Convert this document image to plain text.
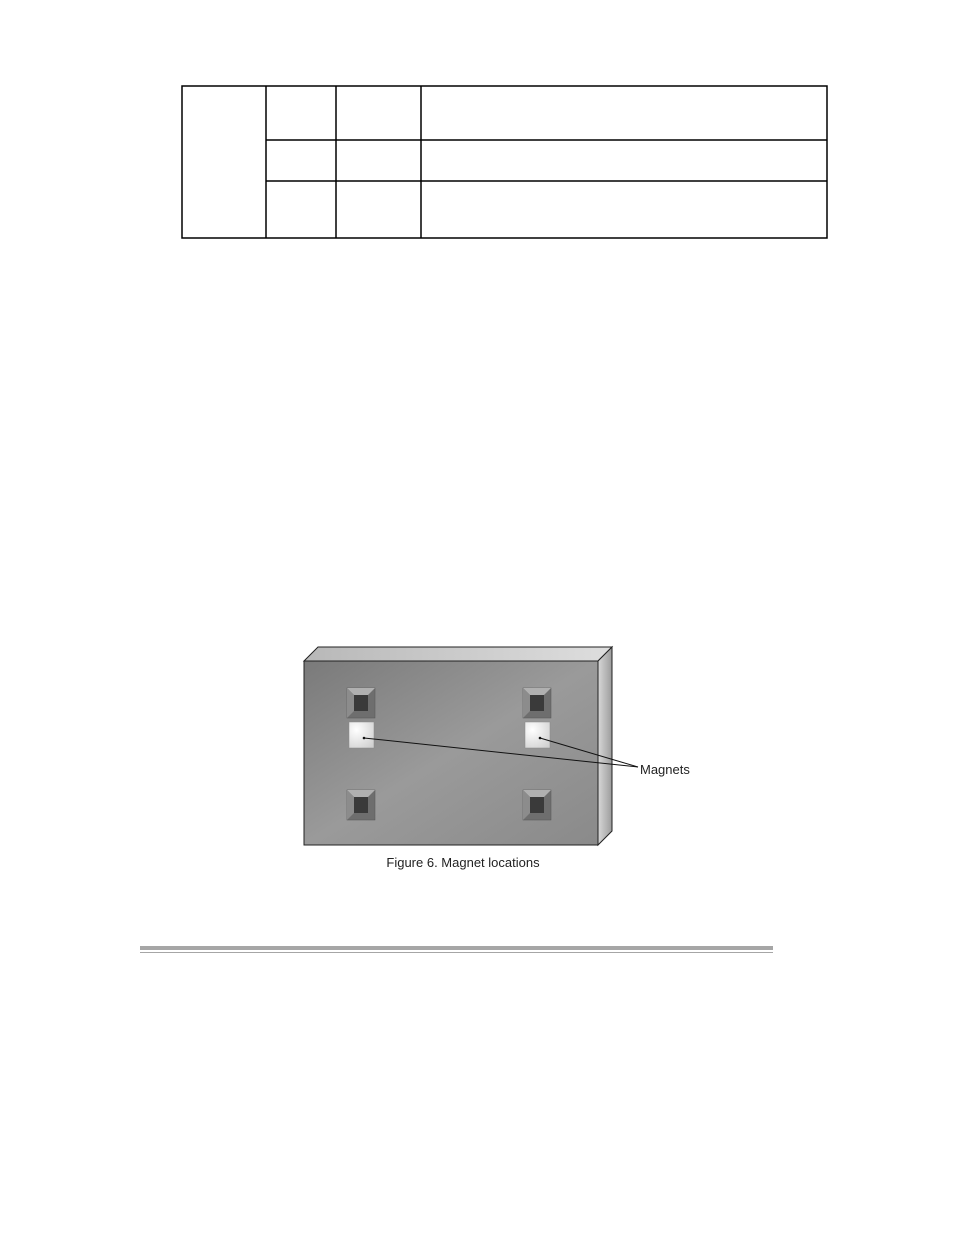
Magnets
Figure 6. Magnet locations
